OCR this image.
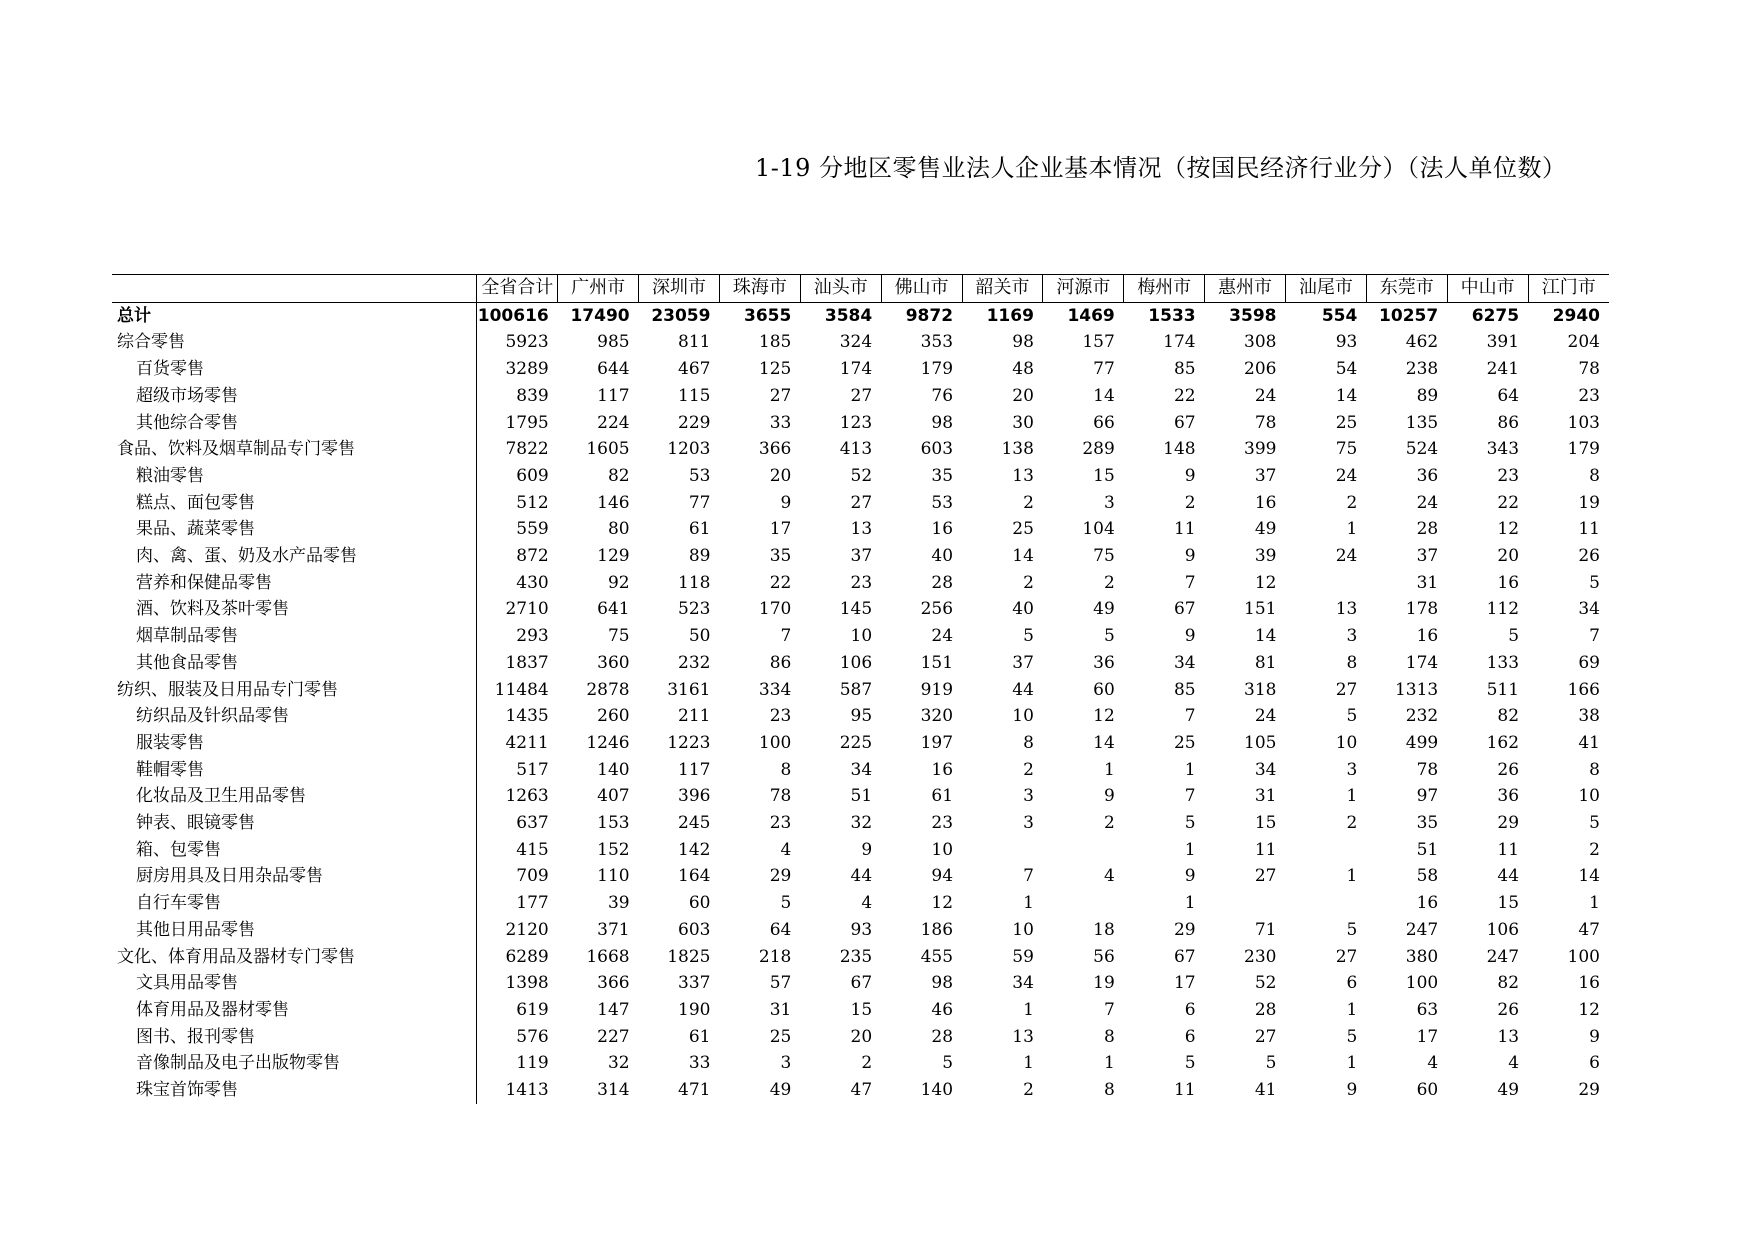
1-19 分地区零售业法人企业基本情况（按国民经济行业分）（法人单位数）
	全省合计	广州市	深圳市	珠海市	汕头市	佛山市	韶关市	河源市	梅州市	惠州市	汕尾市	东莞市	中山市	江门市
总计	100616	17490	23059	3655	3584	9872	1169	1469	1533	3598	554	10257	6275	2940
综合零售	5923	985	811	185	324	353	98	157	174	308	93	462	391	204
百货零售	3289	644	467	125	174	179	48	77	85	206	54	238	241	78
超级市场零售	839	117	115	27	27	76	20	14	22	24	14	89	64	23
其他综合零售	1795	224	229	33	123	98	30	66	67	78	25	135	86	103
食品、饮料及烟草制品专门零售	7822	1605	1203	366	413	603	138	289	148	399	75	524	343	179
粮油零售	609	82	53	20	52	35	13	15	9	37	24	36	23	8
糕点、面包零售	512	146	77	9	27	53	2	3	2	16	2	24	22	19
果品、蔬菜零售	559	80	61	17	13	16	25	104	11	49	1	28	12	11
肉、禽、蛋、奶及水产品零售	872	129	89	35	37	40	14	75	9	39	24	37	20	26
营养和保健品零售	430	92	118	22	23	28	2	2	7	12		31	16	5
酒、饮料及茶叶零售	2710	641	523	170	145	256	40	49	67	151	13	178	112	34
烟草制品零售	293	75	50	7	10	24	5	5	9	14	3	16	5	7
其他食品零售	1837	360	232	86	106	151	37	36	34	81	8	174	133	69
纺织、服装及日用品专门零售	11484	2878	3161	334	587	919	44	60	85	318	27	1313	511	166
纺织品及针织品零售	1435	260	211	23	95	320	10	12	7	24	5	232	82	38
服装零售	4211	1246	1223	100	225	197	8	14	25	105	10	499	162	41
鞋帽零售	517	140	117	8	34	16	2	1	1	34	3	78	26	8
化妆品及卫生用品零售	1263	407	396	78	51	61	3	9	7	31	1	97	36	10
钟表、眼镜零售	637	153	245	23	32	23	3	2	5	15	2	35	29	5
箱、包零售	415	152	142	4	9	10			1	11		51	11	2
厨房用具及日用杂品零售	709	110	164	29	44	94	7	4	9	27	1	58	44	14
自行车零售	177	39	60	5	4	12	1		1			16	15	1
其他日用品零售	2120	371	603	64	93	186	10	18	29	71	5	247	106	47
文化、体育用品及器材专门零售	6289	1668	1825	218	235	455	59	56	67	230	27	380	247	100
文具用品零售	1398	366	337	57	67	98	34	19	17	52	6	100	82	16
体育用品及器材零售	619	147	190	31	15	46	1	7	6	28	1	63	26	12
图书、报刊零售	576	227	61	25	20	28	13	8	6	27	5	17	13	9
音像制品及电子出版物零售	119	32	33	3	2	5	1	1	5	5	1	4	4	6
珠宝首饰零售	1413	314	471	49	47	140	2	8	11	41	9	60	49	29
